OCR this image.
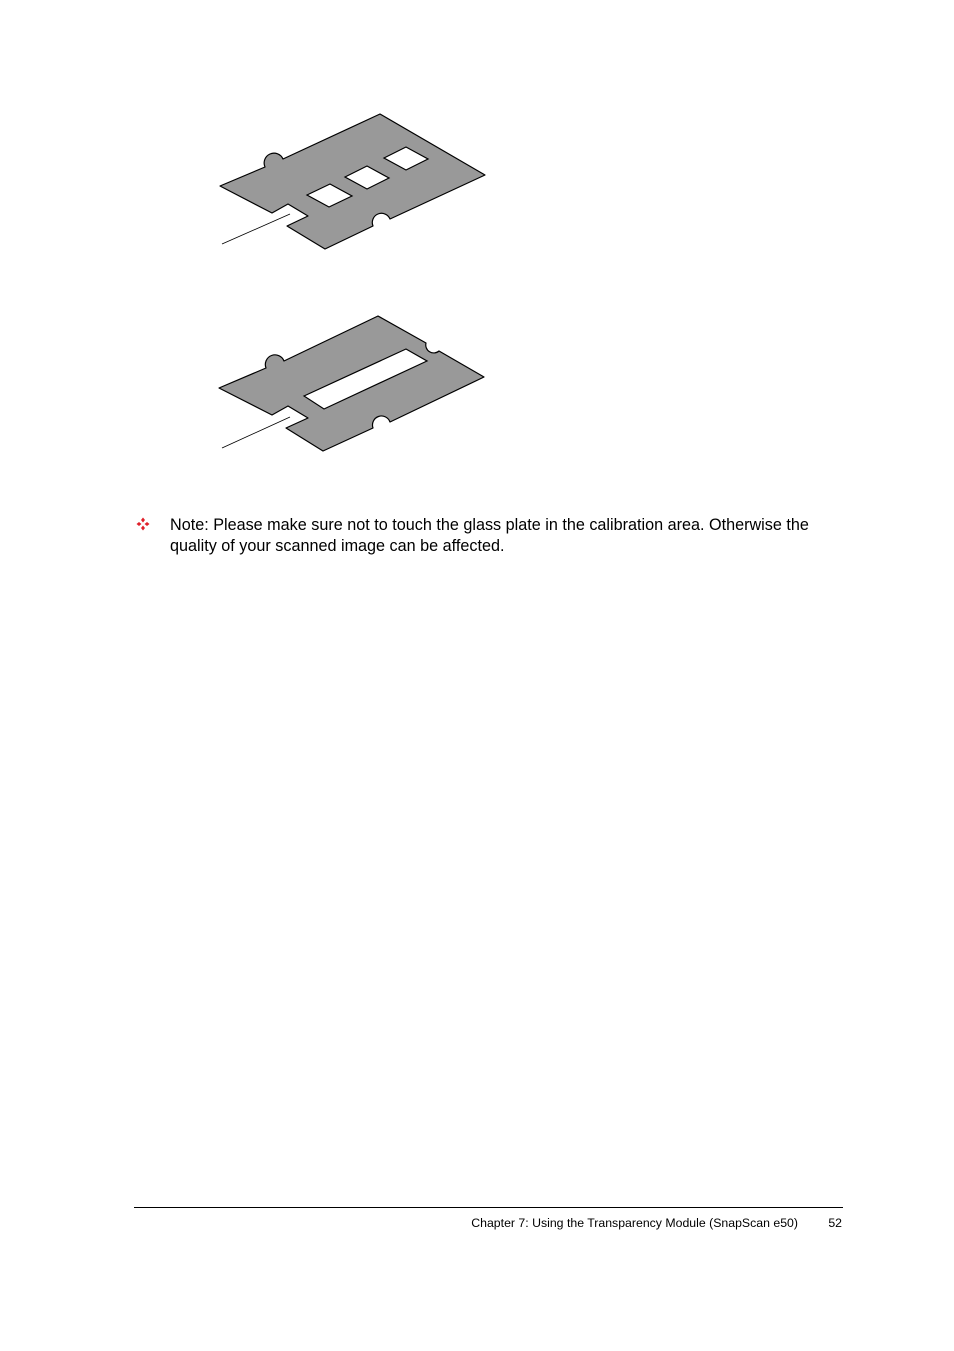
Note: Please make sure not to touch the glass plate in the calibration area. Otherwise the quality of your scanned image can be affected.
Chapter 7: Using the Transparency Module (SnapScan e50)	52
